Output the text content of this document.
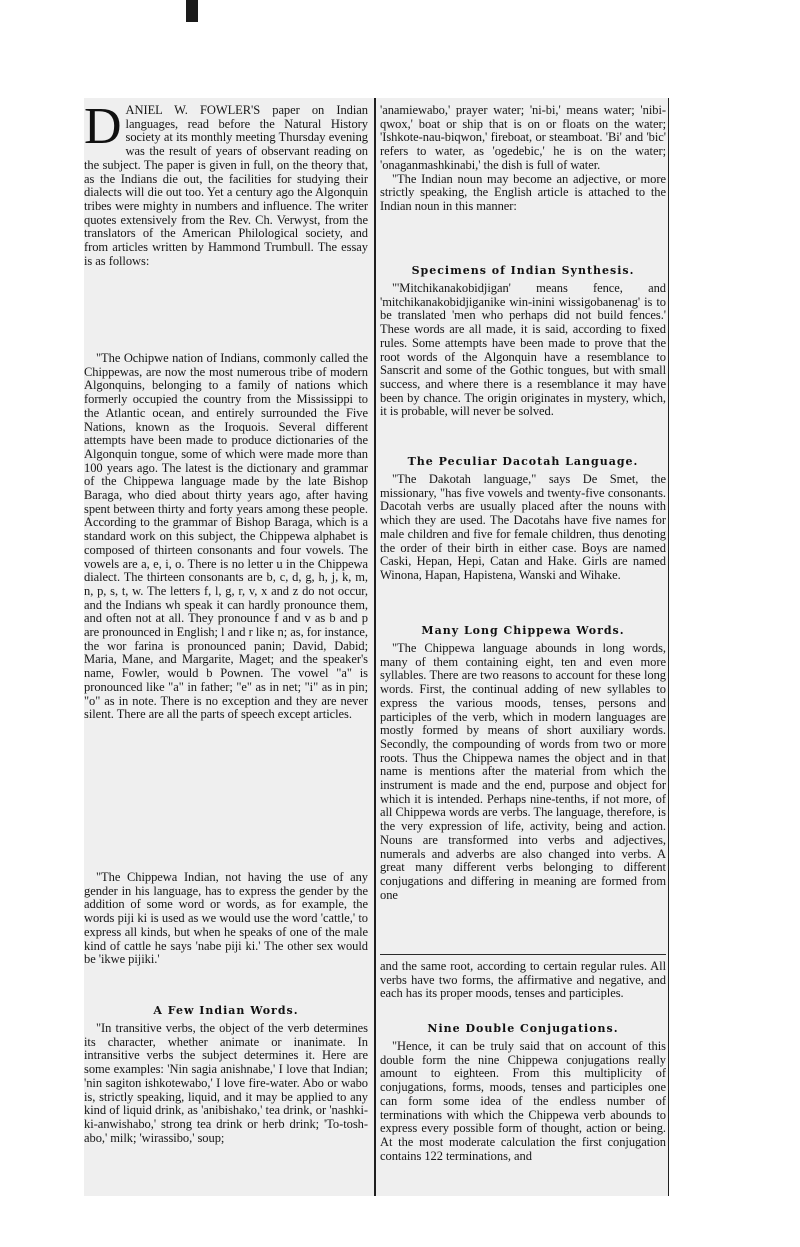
DANIEL W. FOWLER'S paper on Indian languages, read before the Natural History society at its monthly meeting Thursday evening was the result of years of observant reading on the subject. The paper is given in full, on the theory that, as the Indians die out, the facilities for studying their dialects will die out too. Yet a century ago the Algonquin tribes were mighty in numbers and influence. The writer quotes extensively from the Rev. Ch. Verwyst, from the translators of the American Philological society, and from articles written by Hammond Trumbull. The essay is as follows:

"The Ochipwe nation of Indians, commonly called the Chippewas, are now the most numerous tribe of modern Algonquins, belonging to a family of nations which formerly occupied the country from the Mississippi to the Atlantic ocean, and entirely surrounded the Five Nations, known as the Iroquois. Several different attempts have been made to produce dictionaries of the Algonquin tongue, some of which were made more than 100 years ago. The latest is the dictionary and grammar of the Chippewa language made by the late Bishop Baraga, who died about thirty years ago, after having spent between thirty and forty years among these people. According to the grammar of Bishop Baraga, which is a standard work on this subject, the Chippewa alphabet is composed of thirteen consonants and four vowels. The vowels are a, e, i, o. There is no letter u in the Chippewa dialect. The thirteen consonants are b, c, d, g, h, j, k, m, n, p, s, t, w. The letters f, l, g, r, v, x and z do not occur, and the Indians wh speak it can hardly pronounce them, and often not at all. They pronounce f and v as b and p are pronounced in English; l and r like n; as, for instance, the wor farina is pronounced panin; David, Dabid; Maria, Mane, and Margarite, Maget; and the speaker's name, Fowler, would b Pownen. The vowel "a" is pronounced like "a" in father; "e" as in net; "i" as in pin; "o" as in note. There is no exception and they are never silent. There are all the parts of speech except articles.

"The Chippewa Indian, not having the use of any gender in his language, has to express the gender by the addition of some word or words, as for example, the words piji ki is used as we would use the word 'cattle,' to express all kinds, but when he speaks of one of the male kind of cattle he says 'nabe piji ki.' The other sex would be 'ikwe pijiki.'

A Few Indian Words.

"In transitive verbs, the object of the verb determines its character, whether animate or inanimate. In intransitive verbs the subject determines it. Here are some examples: 'Nin sagia anishnabe,' I love that Indian; 'nin sagiton ishkotewabo,' I love fire-water. Abo or wabo is, strictly speaking, liquid, and it may be applied to any kind of liquid drink, as 'anibishako,' tea drink, or 'nashki-ki-anwishabo,' strong tea drink or herb drink; 'To-tosh-abo,' milk; 'wirassibo,' soup;

'anamiewabo,' prayer water; 'ni-bi,' means water; 'nibi-qwox,' boat or ship that is on or floats on the water; 'Ishkote-nau-biqwon,' fireboat, or steamboat. 'Bi' and 'bic' refers to water, as 'ogedebic,' he is on the water; 'onaganmashkinabi,' the dish is full of water.

"The Indian noun may become an adjective, or more strictly speaking, the English article is attached to the Indian noun in this manner:

Specimens of Indian Synthesis.

"'Mitchikanakobidjigan' means fence, and 'mitchikanakobidjiganike win-inini wissigobanenag' is to be translated 'men who perhaps did not build fences.' These words are all made, it is said, according to fixed rules. Some attempts have been made to prove that the root words of the Algonquin have a resemblance to Sanscrit and some of the Gothic tongues, but with small success, and where there is a resemblance it may have been by chance. The origin originates in mystery, which, it is probable, will never be solved.

The Peculiar Dacotah Language.

"The Dakotah language," says De Smet, the missionary, "has five vowels and twenty-five consonants. Dacotah verbs are usually placed after the nouns with which they are used. The Dacotahs have five names for male children and five for female children, thus denoting the order of their birth in either case. Boys are named Caski, Hepan, Hepi, Catan and Hake. Girls are named Winona, Hapan, Hapistena, Wanski and Wihake.

Many Long Chippewa Words.

"The Chippewa language abounds in long words, many of them containing eight, ten and even more syllables. There are two reasons to account for these long words. First, the continual adding of new syllables to express the various moods, tenses, persons and participles of the verb, which in modern languages are mostly formed by means of short auxiliary words. Secondly, the compounding of words from two or more roots. Thus the Chippewa names the object and in that name is mentions after the material from which the instrument is made and the end, purpose and object for which it is intended. Perhaps nine-tenths, if not more, of all Chippewa words are verbs. The language, therefore, is the very expression of life, activity, being and action. Nouns are transformed into verbs and adjectives, numerals and adverbs are also changed into verbs. A great many different verbs belonging to different conjugations and differing in meaning are formed from one

and the same root, according to certain regular rules. All verbs have two forms, the affirmative and negative, and each has its proper moods, tenses and participles.

Nine Double Conjugations.

"Hence, it can be truly said that on account of this double form the nine Chippewa conjugations really amount to eighteen. From this multiplicity of conjugations, forms, moods, tenses and participles one can form some idea of the endless number of terminations with which the Chippewa verb abounds to express every possible form of thought, action or being. At the most moderate calculation the first conjugation contains 122 terminations, and
